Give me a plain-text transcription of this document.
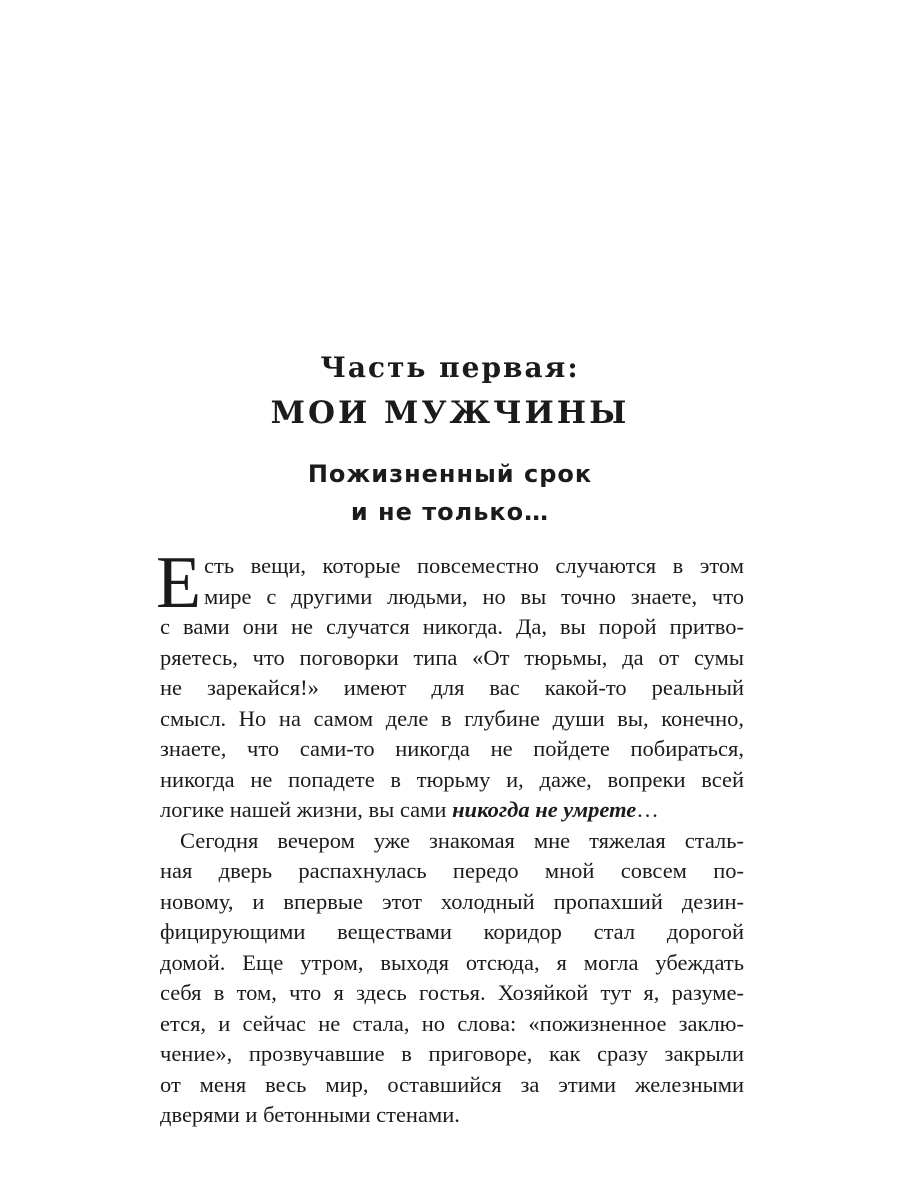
Часть первая:
МОИ МУЖЧИНЫ
Пожизненный срок
и не только…
Е сть вещи, которые повсеместно случаются в этом
мире с другими людьми, но вы точно знаете, что
с вами они не случатся никогда. Да, вы порой притво-
ряетесь, что поговорки типа «От тюрьмы, да от сумы
не зарекайся!» имеют для вас какой-то реальный
смысл. Но на самом деле в глубине души вы, конечно,
знаете, что сами-то никогда не пойдете побираться,
никогда не попадете в тюрьму и, даже, вопреки всей
логике нашей жизни, вы сами никогда не умрете…
Сегодня вечером уже знакомая мне тяжелая сталь-
ная дверь распахнулась передо мной совсем по-
новому, и впервые этот холодный пропахший дезин-
фицирующими веществами коридор стал дорогой
домой. Еще утром, выходя отсюда, я могла убеждать
себя в том, что я здесь гостья. Хозяйкой тут я, разуме-
ется, и сейчас не стала, но слова: «пожизненное заклю-
чение», прозвучавшие в приговоре, как сразу закрыли
от меня весь мир, оставшийся за этими железными
дверями и бетонными стенами.
